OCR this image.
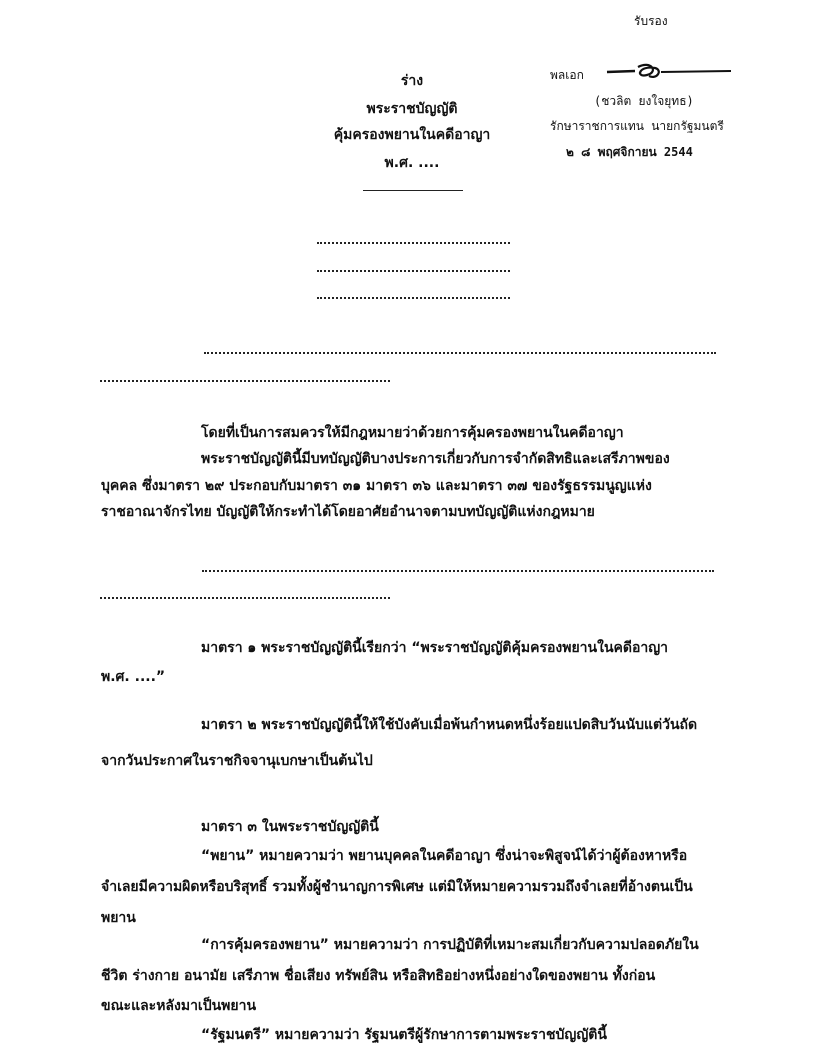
รับรอง
ร่าง
พระราชบัญญัติ
คุ้มครองพยานในคดีอาญา
พ.ศ. ....
พลเอก
(ชวลิต ยงใจยุทธ)
รักษาราชการแทน นายกรัฐมนตรี
๒ ๘ พฤศจิกายน 2544
โดยที่เป็นการสมควรให้มีกฎหมายว่าด้วยการคุ้มครองพยานในคดีอาญา
พระราชบัญญัตินี้มีบทบัญญัติบางประการเกี่ยวกับการจำกัดสิทธิและเสรีภาพของ
บุคคล ซึ่งมาตรา ๒๙ ประกอบกับมาตรา ๓๑ มาตรา ๓๖ และมาตรา ๓๗ ของรัฐธรรมนูญแห่ง
ราชอาณาจักรไทย บัญญัติให้กระทำได้โดยอาศัยอำนาจตามบทบัญญัติแห่งกฎหมาย
มาตรา ๑ พระราชบัญญัตินี้เรียกว่า “พระราชบัญญัติคุ้มครองพยานในคดีอาญา
พ.ศ. ....”
มาตรา ๒ พระราชบัญญัตินี้ให้ใช้บังคับเมื่อพ้นกำหนดหนึ่งร้อยแปดสิบวันนับแต่วันถัด
จากวันประกาศในราชกิจจานุเบกษาเป็นต้นไป
มาตรา ๓ ในพระราชบัญญัตินี้
“พยาน” หมายความว่า พยานบุคคลในคดีอาญา ซึ่งน่าจะพิสูจน์ได้ว่าผู้ต้องหาหรือ
จำเลยมีความผิดหรือบริสุทธิ์ รวมทั้งผู้ชำนาญการพิเศษ แต่มิให้หมายความรวมถึงจำเลยที่อ้างตนเป็น
พยาน
“การคุ้มครองพยาน” หมายความว่า การปฏิบัติที่เหมาะสมเกี่ยวกับความปลอดภัยใน
ชีวิต ร่างกาย อนามัย เสรีภาพ ชื่อเสียง ทรัพย์สิน หรือสิทธิอย่างหนึ่งอย่างใดของพยาน ทั้งก่อน
ขณะและหลังมาเป็นพยาน
“รัฐมนตรี” หมายความว่า รัฐมนตรีผู้รักษาการตามพระราชบัญญัตินี้
